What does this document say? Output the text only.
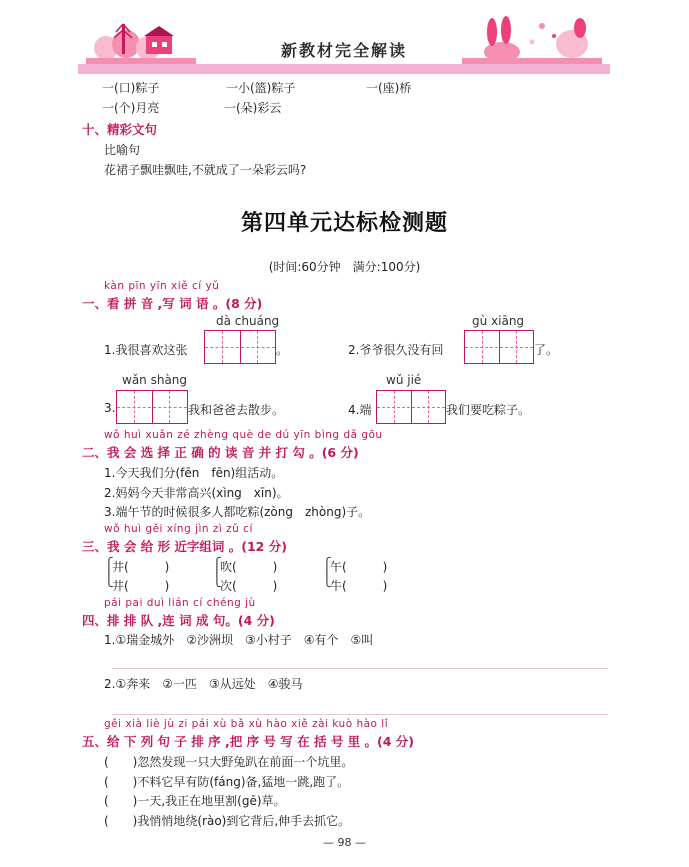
新教材完全解读
一(口)粽子	一小(篮)粽子	一(座)桥
一(个)月亮	一(朵)彩云
十、精彩文句
比喻句
花裙子飘哇飘哇,不就成了一朵彩云吗?
第四单元达标检测题
(时间:60分钟　满分:100分)
kàn pīn yīn xiě cí yǔ
一、看 拼 音 ,写 词 语 。(8 分)
dà chuáng
1.我很喜欢这张	。
gù xiāng
2.爷爷很久没有回	了。
wǎn shàng
3.	我和爸爸去散步。
wǔ jié
4.端	我们要吃粽子。
wǒ huì xuǎn zé zhèng què de dú yīn bìng dǎ gōu
二、我 会 选 择 正 确 的 读 音 并 打 勾 。(6 分)
1.今天我们分(fēn　fēn)组活动。
2.妈妈今天非常高兴(xìng　xīn)。
3.端午节的时候很多人都吃粽(zòng　zhòng)子。
wǒ huì gěi xíng jìn zì zǔ cí
三、我 会 给 形 近字组词 。(12 分)
⎧
⎩
井(　　　)
井(　　　)
⎧
⎩
吹(　　　)
次(　　　)
⎧
⎩
午(　　　)
牛(　　　)
pái pai duì lián cí chéng jù
四、排 排 队 ,连 词 成 句。(4 分)
1.①瑞金城外　②沙洲坝　③小村子　④有个　⑤叫
2.①奔来　②一匹　③从远处　④骏马
gěi xià liè jù zi pái xù bǎ xù hào xiě zài kuò hào lǐ
五、给 下 列 句 子 排 序 ,把 序 号 写 在 括 号 里 。(4 分)
(　　)忽然发现一只大野兔趴在前面一个坑里。
(　　)不料它早有防(fáng)备,猛地一跳,跑了。
(　　)一天,我正在地里割(gē)草。
(　　)我悄悄地绕(rào)到它背后,伸手去抓它。
— 98 —
